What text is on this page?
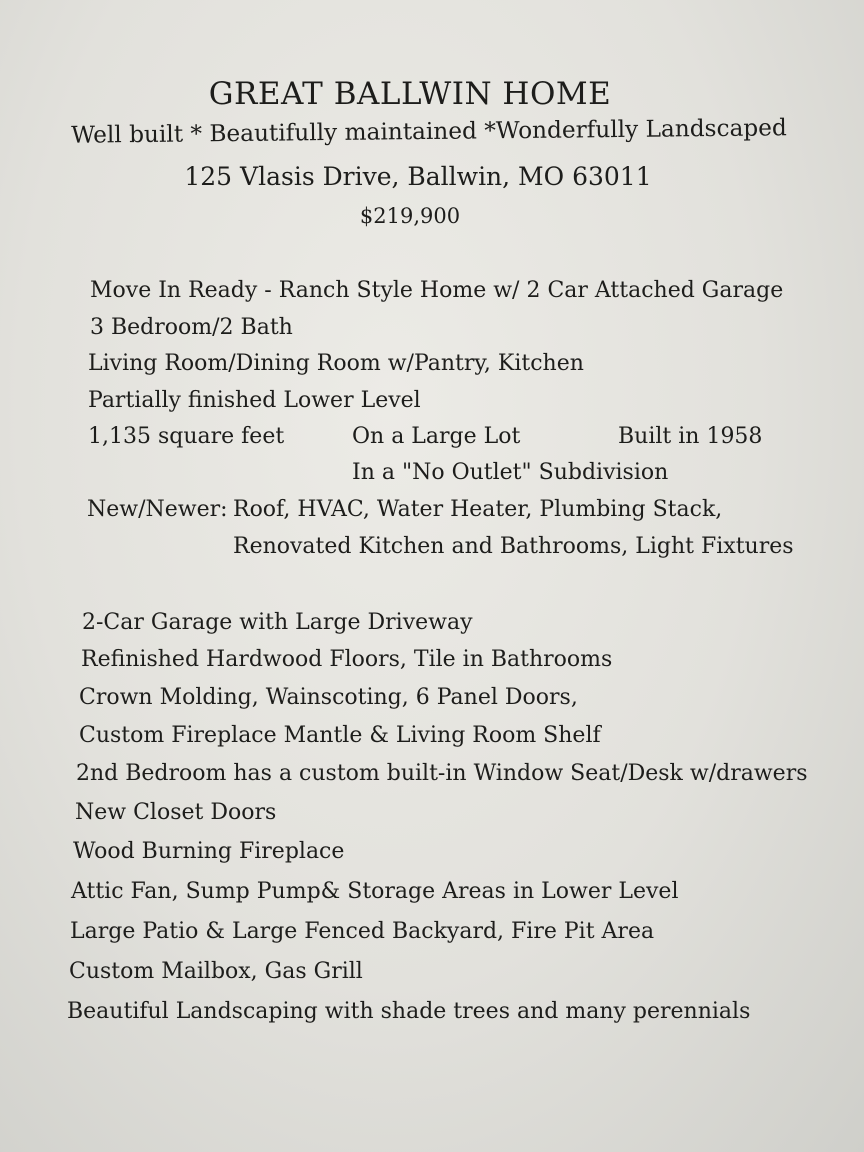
GREAT BALLWIN HOME
Well built * Beautifully maintained *Wonderfully Landscaped
125 Vlasis Drive, Ballwin, MO 63011
$219,900
Move In Ready - Ranch Style Home w/ 2 Car Attached Garage
3 Bedroom/2 Bath
Living Room/Dining Room w/Pantry, Kitchen
Partially finished Lower Level
1,135 square feet	On a Large Lot	Built in 1958
In a "No Outlet" Subdivision
New/Newer: Roof, HVAC, Water Heater, Plumbing Stack,
Renovated Kitchen and Bathrooms, Light Fixtures
2-Car Garage with Large Driveway
Refinished Hardwood Floors, Tile in Bathrooms
Crown Molding, Wainscoting, 6 Panel Doors,
Custom Fireplace Mantle & Living Room Shelf
2nd Bedroom has a custom built-in Window Seat/Desk w/drawers
New Closet Doors
Wood Burning Fireplace
Attic Fan, Sump Pump& Storage Areas in Lower Level
Large Patio & Large Fenced Backyard, Fire Pit Area
Custom Mailbox, Gas Grill
Beautiful Landscaping with shade trees and many perennials
